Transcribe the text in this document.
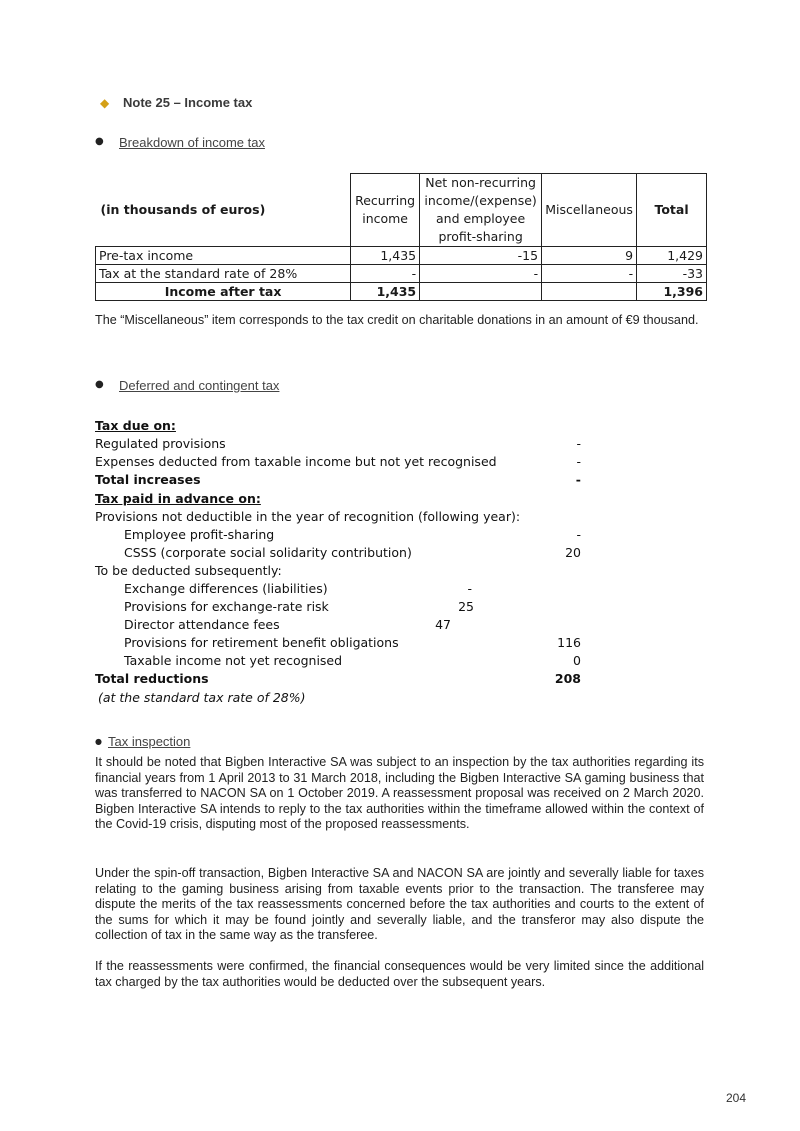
◆ Note 25 – Income tax
● Breakdown of income tax
(in thousands of euros)	Recurring income	Net non-recurring income/(expense) and employee profit-sharing	Miscellaneous	Total
Pre-tax income	1,435	-15	9	1,429
Tax at the standard rate of 28%	-	-	-	-33
Income after tax	1,435			1,396
The “Miscellaneous” item corresponds to the tax credit on charitable donations in an amount of €9 thousand.
● Deferred and contingent tax
Tax due on:
Regulated provisions	-
Expenses deducted from taxable income but not yet recognised	-
Total increases	-
Tax paid in advance on:
Provisions not deductible in the year of recognition (following year):
Employee profit-sharing	-
CSSS (corporate social solidarity contribution)	20
To be deducted subsequently:
Exchange differences (liabilities)	-
Provisions for exchange-rate risk	25
Director attendance fees	47
Provisions for retirement benefit obligations	116
Taxable income not yet recognised	0
Total reductions	208
(at the standard tax rate of 28%)
● Tax inspection
It should be noted that Bigben Interactive SA was subject to an inspection by the tax authorities regarding its financial years from 1 April 2013 to 31 March 2018, including the Bigben Interactive SA gaming business that was transferred to NACON SA on 1 October 2019. A reassessment proposal was received on 2 March 2020. Bigben Interactive SA intends to reply to the tax authorities within the timeframe allowed within the context of the Covid-19 crisis, disputing most of the proposed reassessments.
Under the spin-off transaction, Bigben Interactive SA and NACON SA are jointly and severally liable for taxes relating to the gaming business arising from taxable events prior to the transaction. The transferee may dispute the merits of the tax reassessments concerned before the tax authorities and courts to the extent of the sums for which it may be found jointly and severally liable, and the transferor may also dispute the collection of tax in the same way as the transferee.
If the reassessments were confirmed, the financial consequences would be very limited since the additional tax charged by the tax authorities would be deducted over the subsequent years.
204
